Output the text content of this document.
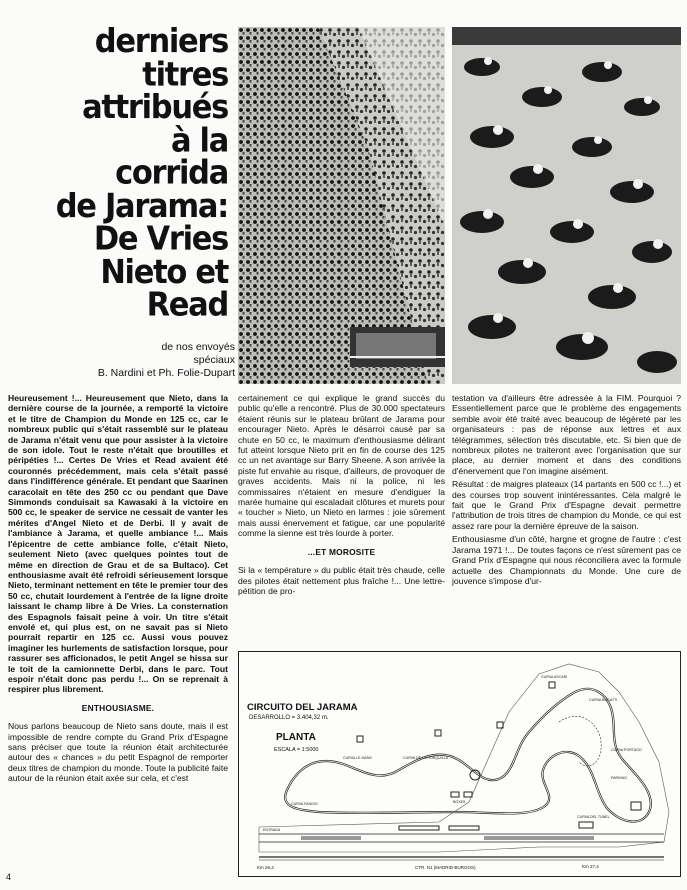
derniers
titres
attribués
à la
corrida
de Jarama:
De Vries
Nieto et
Read
de nos envoyés
spéciaux
B. Nardini et Ph. Folie-Dupart

Heureusement !... Heureusement que Nieto, dans la dernière course de la journée, a remporté la victoire et le titre de Champion du Monde en 125 cc, car le nombreux public qui s'était rassemblé sur le plateau de Jarama n'était venu que pour assister à la victoire de son idole. Tout le reste n'était que broutilles et péripéties !... Certes De Vries et Read avaient été couronnés précédemment, mais cela s'était passé dans l'indifférence générale. Et pendant que Saarinen caracolait en tête des 250 cc ou pendant que Dave Simmonds conduisait sa Kawasaki à la victoire en 500 cc, le speaker de service ne cessait de vanter les mérites d'Angel Nieto et de Derbi. Il y avait de l'ambiance à Jarama, et quelle ambiance !... Mais l'épicentre de cette ambiance folle, c'était Nieto, seulement Nieto (avec quelques pointes tout de même en direction de Grau et de sa Bultaco). Cet enthousiasme avait été refroidi sérieusement lorsque Nieto, terminant nettement en tête le premier tour des 50 cc, chutait lourdement à l'entrée de la ligne droite laissant le champ libre à De Vries. La consternation des Espagnols faisait peine à voir. Un titre s'était envolé et, qui plus est, on ne savait pas si Nieto pourrait repartir en 125 cc. Aussi vous pouvez imaginer les hurlements de satisfaction lorsque, pour rassurer ses afficionados, le petit Angel se hissa sur le toit de la camionnette Derbi, dans le parc. Tout espoir n'était donc pas perdu !... On se reprenait à respirer plus librement.

ENTHOUSIASME.

Nous parlons beaucoup de Nieto sans doute, mais il est impossible de rendre compte du Grand Prix d'Espagne sans préciser que toute la réunion était architecturée autour des « chances » du petit Espagnol de remporter deux titres de champion du monde. Toute la publicité faite autour de la réunion était axée sur cela, et c'est

certainement ce qui explique le grand succès du public qu'elle a rencontré. Plus de 30.000 spectateurs étaient réunis sur le plateau brûlant de Jarama pour encourager Nieto. Après le désarroi causé par sa chute en 50 cc, le maximum d'enthousiasme délirant fut atteint lorsque Nieto prit en fin de course des 125 cc un net avantage sur Barry Sheene. A son arrivée la piste fut envahie au risque, d'ailleurs, de provoquer de graves accidents. Mais ni la police, ni les commissaires n'étaient en mesure d'endiguer la marée humaine qui escaladait clôtures et murets pour « toucher » Nieto, un Nieto en larmes : joie sûrement mais aussi énervement et fatigue, car une popularité comme la sienne est très lourde à porter.

...ET MOROSITE

Si la « température » du public était très chaude, celle des pilotes était nettement plus fraîche !... Une lettre-pétition de pro-

testation va d'ailleurs être adressée à la FIM. Pourquoi ? Essentiellement parce que le problème des engagements semble avoir été traité avec beaucoup de légèreté par les organisateurs : pas de réponse aux lettres et aux télégrammes, sélection très discutable, etc. Si bien que de nombreux pilotes ne traiteront avec l'organisation que sur place, au dernier moment et dans des conditions d'énervement que l'on imagine aisément.

Résultat : de maigres plateaux (14 partants en 500 cc !...) et des courses trop souvent inintéressantes. Cela malgré le fait que le Grand Prix d'Espagne devait permettre l'attribution de trois titres de champion du Monde, ce qui est assez rare pour la dernière épreuve de la saison.

Enthousiasme d'un côté, hargne et grogne de l'autre : c'est Jarama 1971 !... De toutes façons ce n'est sûrement pas ce Grand Prix d'Espagne qui nous réconciliera avec la formule actuelle des Championnats du Monde. Une cure de jouvence s'impose d'ur-

CIRCUITO DEL JARAMA
DESARROLLO = 3.404,32 m.
PLANTA
ESCALA = 1:5000
CURVA ASCARI
CURVA BUGATTI
CURVA PORTAGO
CURVA DE LA HORQUILLA
CURVA LE MANS
CURVA FANGIO
PARKING
BOXES
CURVA DEL TUNEL
ENTRADA
Km 26,4	CTR. N1 (MADRID-BURGOS)	Km 27,4
4
